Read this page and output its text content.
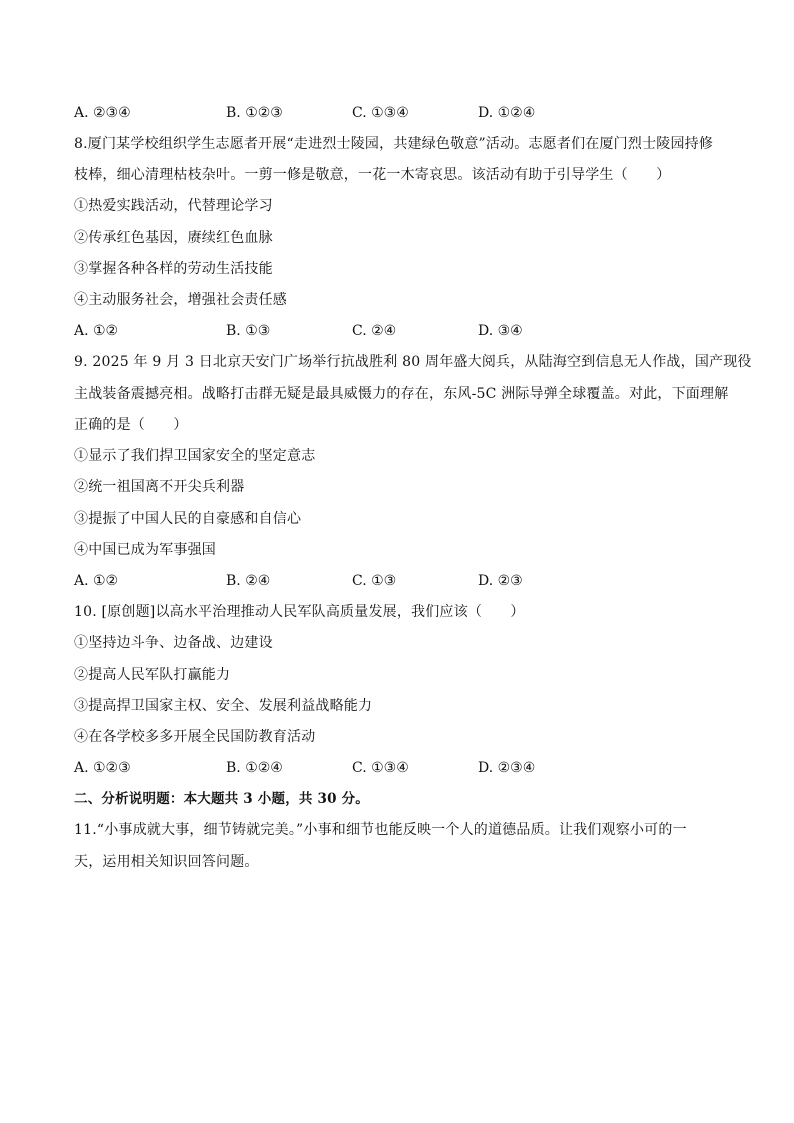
A. ②③④	B. ①②③	C. ①③④	D. ①②④
8.厦门某学校组织学生志愿者开展“走进烈士陵园，共建绿色敬意”活动。志愿者们在厦门烈士陵园持修
枝棒，细心清理枯枝杂叶。一剪一修是敬意，一花一木寄哀思。该活动有助于引导学生（　　）
①热爱实践活动，代替理论学习
②传承红色基因，赓续红色血脉
③掌握各种各样的劳动生活技能
④主动服务社会，增强社会责任感
A. ①②	B. ①③	C. ②④	D. ③④
9. 2025 年 9 月 3 日北京天安门广场举行抗战胜利 80 周年盛大阅兵，从陆海空到信息无人作战，国产现役
主战装备震撼亮相。战略打击群无疑是最具威慑力的存在，东风-5C 洲际导弹全球覆盖。对此，下面理解
正确的是（　　）
①显示了我们捍卫国家安全的坚定意志
②统一祖国离不开尖兵利器
③提振了中国人民的自豪感和自信心
④中国已成为军事强国
A. ①②	B. ②④	C. ①③	D. ②③
10. [原创题]以高水平治理推动人民军队高质量发展，我们应该（　　）
①坚持边斗争、边备战、边建设
②提高人民军队打赢能力
③提高捍卫国家主权、安全、发展利益战略能力
④在各学校多多开展全民国防教育活动
A. ①②③	B. ①②④	C. ①③④	D. ②③④
二、分析说明题：本大题共 3 小题，共 30 分。
11.“小事成就大事，细节铸就完美。”小事和细节也能反映一个人的道德品质。让我们观察小可的一
天，运用相关知识回答问题。
